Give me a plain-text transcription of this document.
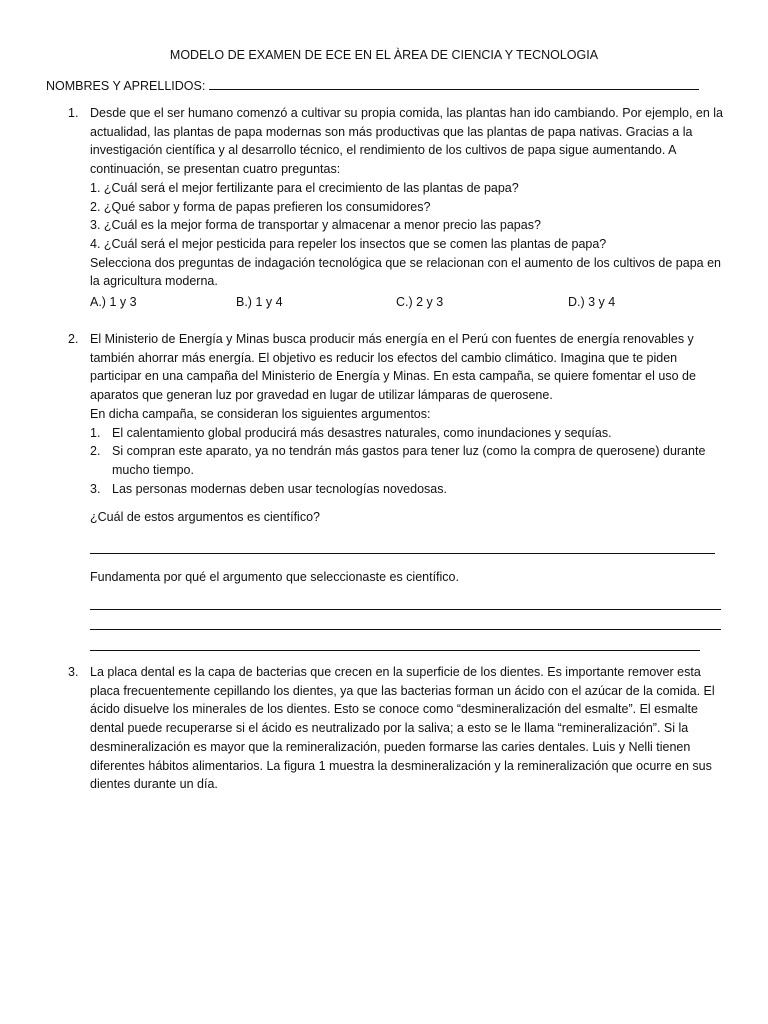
MODELO DE EXAMEN DE ECE EN EL ÀREA DE CIENCIA Y TECNOLOGIA
NOMBRES Y APRELLIDOS:
1. Desde que el ser humano comenzó a cultivar su propia comida, las plantas han ido cambiando. Por ejemplo, en la actualidad, las plantas de papa modernas son más productivas que las plantas de papa nativas. Gracias a la investigación científica y al desarrollo técnico, el rendimiento de los cultivos de papa sigue aumentando. A continuación, se presentan cuatro preguntas:
1. ¿Cuál será el mejor fertilizante para el crecimiento de las plantas de papa?
2. ¿Qué sabor y forma de papas prefieren los consumidores?
3. ¿Cuál es la mejor forma de transportar y almacenar a menor precio las papas?
4. ¿Cuál será el mejor pesticida para repeler los insectos que se comen las plantas de papa?
Selecciona dos preguntas de indagación tecnológica que se relacionan con el aumento de los cultivos de papa en la agricultura moderna.
A.) 1 y 3	B.) 1 y 4	C.) 2 y 3	D.) 3 y 4
2. El Ministerio de Energía y Minas busca producir más energía en el Perú con fuentes de energía renovables y también ahorrar más energía. El objetivo es reducir los efectos del cambio climático. Imagina que te piden participar en una campaña del Ministerio de Energía y Minas. En esta campaña, se quiere fomentar el uso de aparatos que generan luz por gravedad en lugar de utilizar lámparas de querosene.
En dicha campaña, se consideran los siguientes argumentos:
1. El calentamiento global producirá más desastres naturales, como inundaciones y sequías.
2. Si compran este aparato, ya no tendrán más gastos para tener luz (como la compra de querosene) durante mucho tiempo.
3. Las personas modernas deben usar tecnologías novedosas.
¿Cuál de estos argumentos es científico?
Fundamenta por qué el argumento que seleccionaste es científico.
3. La placa dental es la capa de bacterias que crecen en la superficie de los dientes. Es importante remover esta placa frecuentemente cepillando los dientes, ya que las bacterias forman un ácido con el azúcar de la comida. El ácido disuelve los minerales de los dientes. Esto se conoce como “desmineralización del esmalte”. El esmalte dental puede recuperarse si el ácido es neutralizado por la saliva; a esto se le llama “remineralización”. Si la desmineralización es mayor que la remineralización, pueden formarse las caries dentales. Luis y Nelli tienen diferentes hábitos alimentarios. La figura 1 muestra la desmineralización y la remineralización que ocurre en sus dientes durante un día.
